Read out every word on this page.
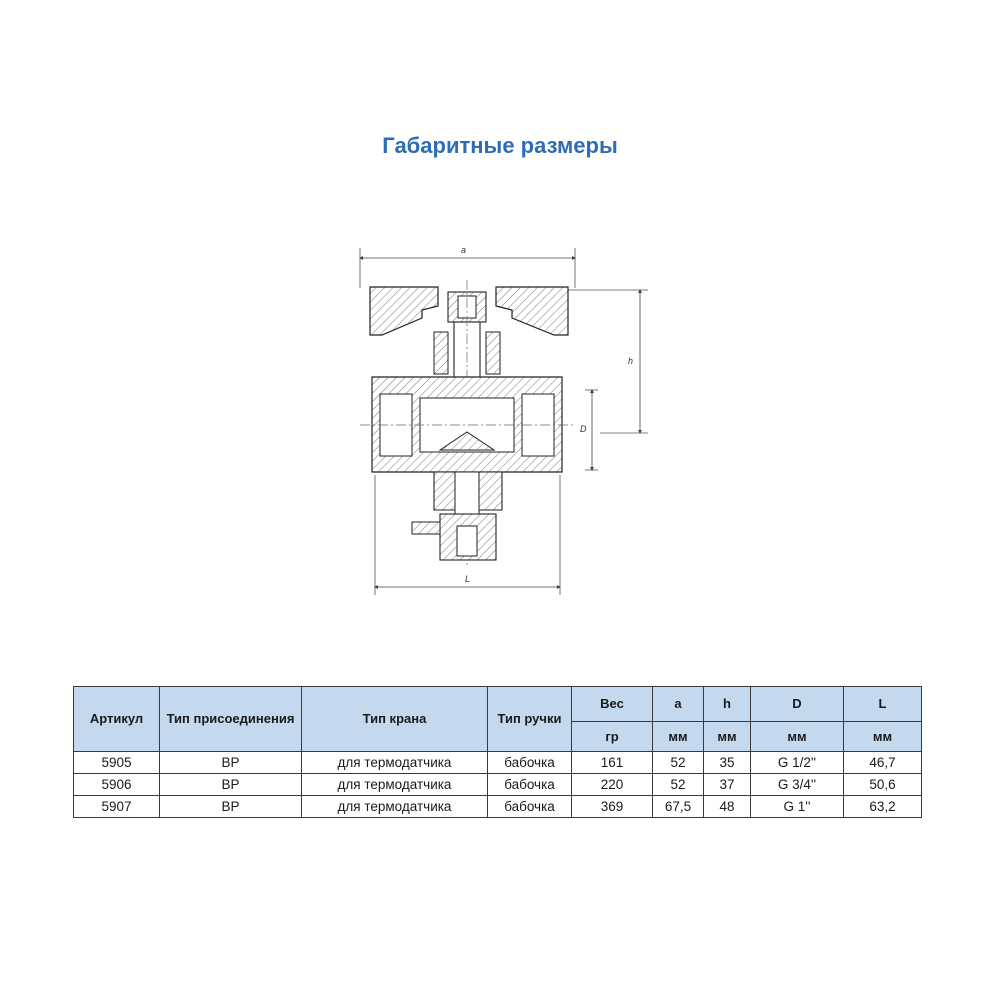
Габаритные размеры
a
h
D
L
Артикул	Тип присоединения	Тип крана	Тип ручки	Вес	a	h	D	L
				гр	мм	мм	мм	мм
5905	ВР	для термодатчика	бабочка	161	52	35	G 1/2''	46,7
5906	ВР	для термодатчика	бабочка	220	52	37	G 3/4''	50,6
5907	ВР	для термодатчика	бабочка	369	67,5	48	G 1''	63,2
